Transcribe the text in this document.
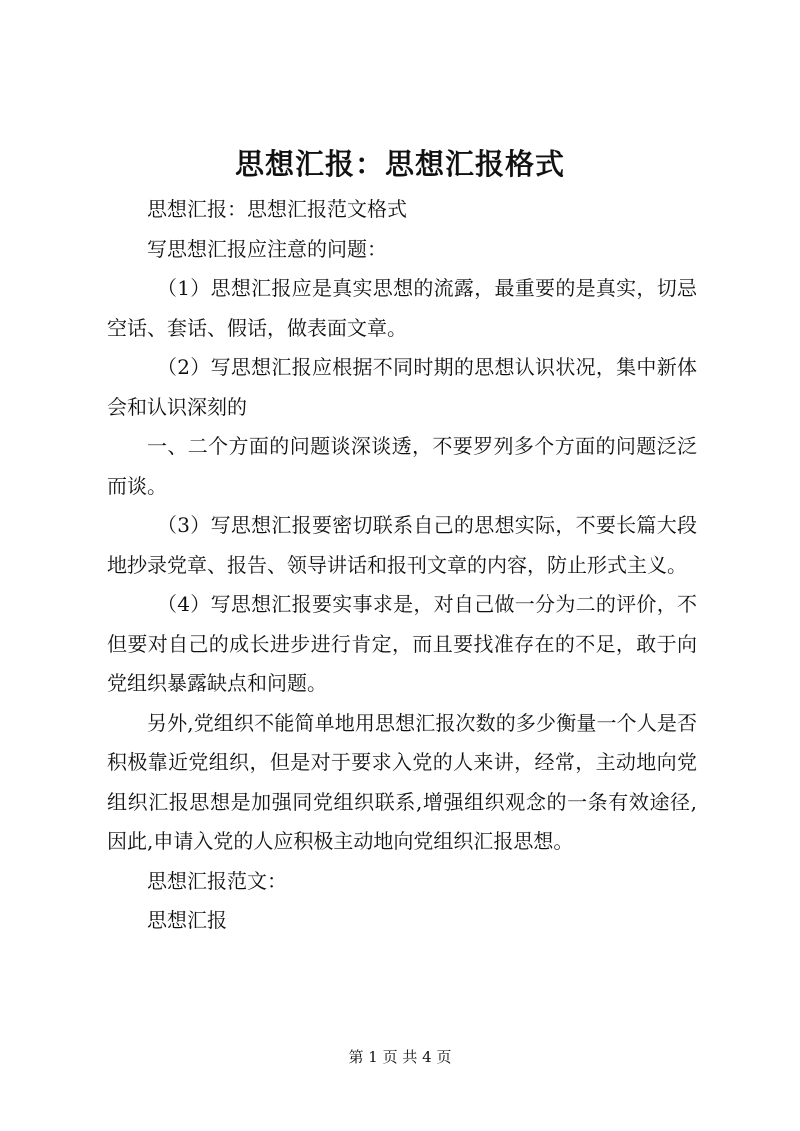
思想汇报：思想汇报格式

思想汇报：思想汇报范文格式

写思想汇报应注意的问题：

（1）思想汇报应是真实思想的流露，最重要的是真实，切忌空话、套话、假话，做表面文章。

（2）写思想汇报应根据不同时期的思想认识状况，集中新体会和认识深刻的

一、二个方面的问题谈深谈透，不要罗列多个方面的问题泛泛而谈。

（3）写思想汇报要密切联系自己的思想实际，不要长篇大段地抄录党章、报告、领导讲话和报刊文章的内容，防止形式主义。

（4）写思想汇报要实事求是，对自己做一分为二的评价，不但要对自己的成长进步进行肯定，而且要找准存在的不足，敢于向党组织暴露缺点和问题。

另外,党组织不能简单地用思想汇报次数的多少衡量一个人是否积极靠近党组织，但是对于要求入党的人来讲，经常，主动地向党组织汇报思想是加强同党组织联系,增强组织观念的一条有效途径,因此,申请入党的人应积极主动地向党组织汇报思想。

思想汇报范文：

思想汇报

第 1 页 共 4 页
